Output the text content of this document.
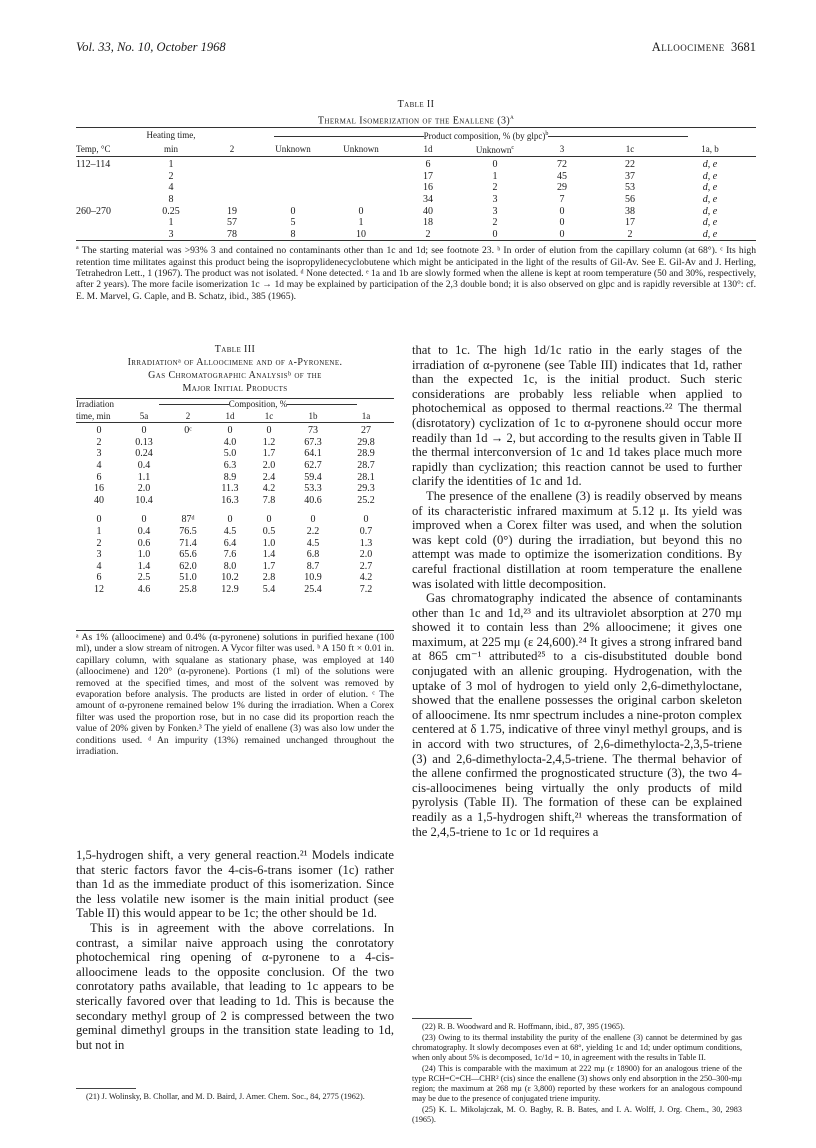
Vol. 33, No. 10, October 1968	Alloocimene 3681
Table II
Thermal Isomerization of the Enallene $(3)^a$
	Heating time,	Product composition, % (by glpc)$^b$
Temp, °C	min	2	Unknown	Unknown	1d	Unknown$^c$	3	1c	1a, b

112–114	1				6	0	72	22	d, e
	2				17	1	45	37	d, e
	4				16	2	29	53	d, e
	8				34	3	7	56	d, e
260–270	0.25	19	0	0	40	3	0	38	d, e
	1	57	5	1	18	2	0	17	d, e
	3	78	8	10	2	0	0	2	d, e
$^a$ The starting material was >93% 3 and contained no contaminants other than 1c and 1d; see footnote 23. ᵇ In order of elution from the capillary column (at 68°). ᶜ Its high retention time militates against this product being the isopropylidenecyclobutene which might be anticipated in the light of the results of Gil-Av. See E. Gil-Av and J. Herling, Tetrahedron Lett., 1 (1967). The product was not isolated. ᵈ None detected. ᵉ 1a and 1b are slowly formed when the allene is kept at room temperature (50 and 30%, respectively, after 2 years). The more facile isomerization 1c → 1d may be explained by participation of the 2,3 double bond; it is also observed on glpc and is rapidly reversible at 130°: cf. E. M. Marvel, G. Caple, and B. Schatz, ibid., 385 (1965).
Table III
Irradiationᵃ of Alloocimene and of α-Pyronene.
Gas Chromatographic Analysisᵇ of the
Major Initial Products
Irradiation	Composition, %					
time, min	5a	2	1d	1c	1b	1a

0	0	0ᶜ	0	0	73	27
2	0.13		4.0	1.2	67.3	29.8
3	0.24		5.0	1.7	64.1	28.9
4	0.4		6.3	2.0	62.7	28.7
6	1.1		8.9	2.4	59.4	28.1
16	2.0		11.3	4.2	53.3	29.3
40	10.4		16.3	7.8	40.6	25.2

0	0	87ᵈ	0	0	0	0
1	0.4	76.5	4.5	0.5	2.2	0.7
2	0.6	71.4	6.4	1.0	4.5	1.3
3	1.0	65.6	7.6	1.4	6.8	2.0
4	1.4	62.0	8.0	1.7	8.7	2.7
6	2.5	51.0	10.2	2.8	10.9	4.2
12	4.6	25.8	12.9	5.4	25.4	7.2
ᵃ As 1% (alloocimene) and 0.4% (α-pyronene) solutions in purified hexane (100 ml), under a slow stream of nitrogen. A Vycor filter was used. ᵇ A 150 ft × 0.01 in. capillary column, with squalane as stationary phase, was employed at 140 (alloocimene) and 120° (α-pyronene). Portions (1 ml) of the solutions were removed at the specified times, and most of the solvent was removed by evaporation before analysis. The products are listed in order of elution. ᶜ The amount of α-pyronene remained below 1% during the irradiation. When a Corex filter was used the proportion rose, but in no case did its proportion reach the value of 20% given by Fonken.³ The yield of enallene (3) was also low under the conditions used. ᵈ An impurity (13%) remained unchanged throughout the irradiation.

1,5-hydrogen shift, a very general reaction.²¹ Models indicate that steric factors favor the 4-cis-6-trans isomer (1c) rather than 1d as the immediate product of this isomerization. Since the less volatile new isomer is the main initial product (see Table II) this would appear to be 1c; the other should be 1d.

This is in agreement with the above correlations. In contrast, a similar naive approach using the conrotatory photochemical ring opening of α-pyronene to a 4-cis-alloocimene leads to the opposite conclusion. Of the two conrotatory paths available, that leading to 1c appears to be sterically favored over that leading to 1d. This is because the secondary methyl group of 2 is compressed between the two geminal dimethyl groups in the transition state leading to 1d, but not in

(21) J. Wolinsky, B. Chollar, and M. D. Baird, J. Amer. Chem. Soc., 84, 2775 (1962).

that to 1c. The high 1d/1c ratio in the early stages of the irradiation of α-pyronene (see Table III) indicates that 1d, rather than the expected 1c, is the initial product. Such steric considerations are probably less reliable when applied to photochemical as opposed to thermal reactions.²² The thermal (disrotatory) cyclization of 1c to α-pyronene should occur more readily than 1d → 2, but according to the results given in Table II the thermal interconversion of 1c and 1d takes place much more rapidly than cyclization; this reaction cannot be used to further clarify the identities of 1c and 1d.

The presence of the enallene (3) is readily observed by means of its characteristic infrared maximum at 5.12 μ. Its yield was improved when a Corex filter was used, and when the solution was kept cold (0°) during the irradiation, but beyond this no attempt was made to optimize the isomerization conditions. By careful fractional distillation at room temperature the enallene was isolated with little decomposition.

Gas chromatography indicated the absence of contaminants other than 1c and 1d,²³ and its ultraviolet absorption at 270 mμ showed it to contain less than 2% alloocimene; it gives one maximum, at 225 mμ (ε 24,600).²⁴ It gives a strong infrared band at 865 cm⁻¹ attributed²⁵ to a cis-disubstituted double bond conjugated with an allenic grouping. Hydrogenation, with the uptake of 3 mol of hydrogen to yield only 2,6-dimethyloctane, showed that the enallene possesses the original carbon skeleton of alloocimene. Its nmr spectrum includes a nine-proton complex centered at δ 1.75, indicative of three vinyl methyl groups, and is in accord with two structures, of 2,6-dimethylocta-2,3,5-triene (3) and 2,6-dimethylocta-2,4,5-triene. The thermal behavior of the allene confirmed the prognosticated structure (3), the two 4-cis-alloocimenes being virtually the only products of mild pyrolysis (Table II). The formation of these can be explained readily as a 1,5-hydrogen shift,²¹ whereas the transformation of the 2,4,5-triene to 1c or 1d requires a

(22) R. B. Woodward and R. Hoffmann, ibid., 87, 395 (1965).

(23) Owing to its thermal instability the purity of the enallene (3) cannot be determined by gas chromatography. It slowly decomposes even at 68°, yielding 1c and 1d; under optimum conditions, when only about 5% is decomposed, 1c/1d = 10, in agreement with the results in Table II.

(24) This is comparable with the maximum at 222 mμ (ε 18900) for an analogous triene of the type RCH=C=CH—CHR² (cis) since the enallene (3) shows only end absorption in the 250–300-mμ region; the maximum at 268 mμ (ε 3,800) reported by these workers for an analogous compound may be due to the presence of conjugated triene impurity.

(25) K. L. Mikolajczak, M. O. Bagby, R. B. Bates, and I. A. Wolff, J. Org. Chem., 30, 2983 (1965).
